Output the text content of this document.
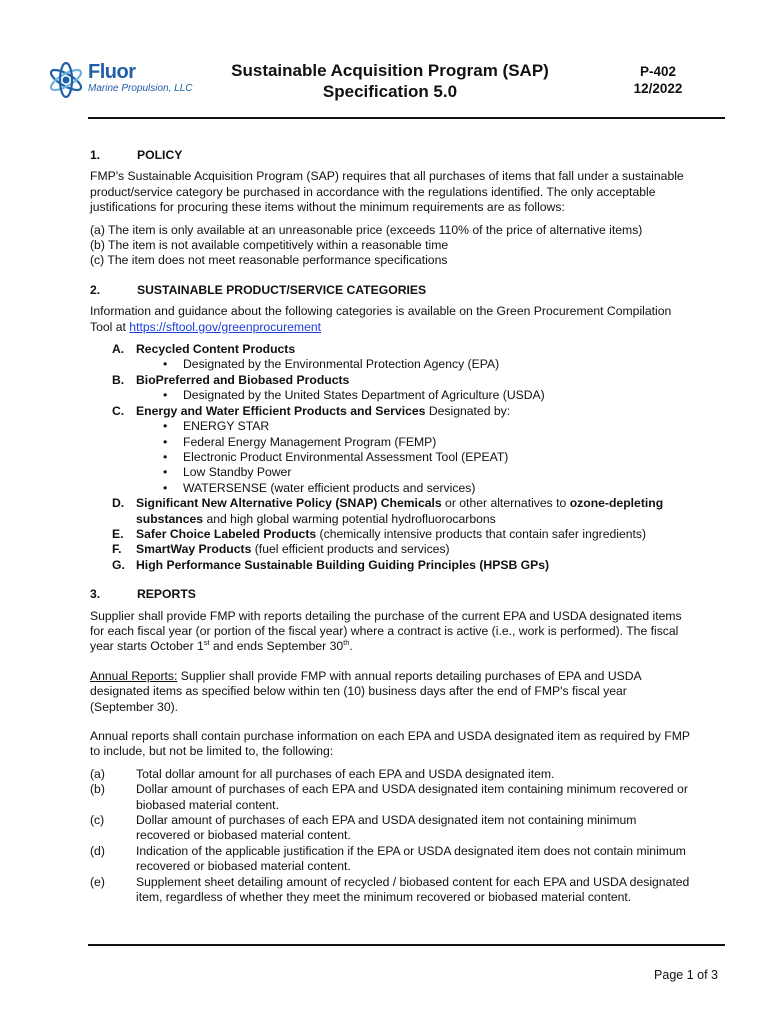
Fluor
Marine Propulsion, LLC
Sustainable Acquisition Program (SAP)
Specification 5.0
P-402
12/2022
1.	POLICY

FMP's Sustainable Acquisition Program (SAP) requires that all purchases of items that fall under a sustainable product/service category be purchased in accordance with the regulations identified. The only acceptable justifications for procuring these items without the minimum requirements are as follows:

(a) The item is only available at an unreasonable price (exceeds 110% of the price of alternative items)

(b) The item is not available competitively within a reasonable time

(c) The item does not meet reasonable performance specifications

2.	SUSTAINABLE PRODUCT/SERVICE CATEGORIES

Information and guidance about the following categories is available on the Green Procurement Compilation Tool at https://sftool.gov/greenprocurement

A. Recycled Content Products
•	Designated by the Environmental Protection Agency (EPA)
B. BioPreferred and Biobased Products
•	Designated by the United States Department of Agriculture (USDA)
C. Energy and Water Efficient Products and Services Designated by:
•	ENERGY STAR
•	Federal Energy Management Program (FEMP)
•	Electronic Product Environmental Assessment Tool (EPEAT)
•	Low Standby Power
•	WATERSENSE (water efficient products and services)
D. Significant New Alternative Policy (SNAP) Chemicals or other alternatives to ozone-depleting substances and high global warming potential hydrofluorocarbons
E.	Safer Choice Labeled Products (chemically intensive products that contain safer ingredients)
F.	SmartWay Products (fuel efficient products and services)
G. High Performance Sustainable Building Guiding Principles (HPSB GPs)
3.	REPORTS

Supplier shall provide FMP with reports detailing the purchase of the current EPA and USDA designated items for each fiscal year (or portion of the fiscal year) where a contract is active (i.e., work is performed). The fiscal year starts October 1st and ends September 30th.

Annual Reports: Supplier shall provide FMP with annual reports detailing purchases of EPA and USDA designated items as specified below within ten (10) business days after the end of FMP's fiscal year (September 30).

Annual reports shall contain purchase information on each EPA and USDA designated item as required by FMP to include, but not be limited to, the following:

(a)	Total dollar amount for all purchases of each EPA and USDA designated item.
(b)	Dollar amount of purchases of each EPA and USDA designated item containing minimum recovered or biobased material content.
(c)	Dollar amount of purchases of each EPA and USDA designated item not containing minimum recovered or biobased material content.
(d)	Indication of the applicable justification if the EPA or USDA designated item does not contain minimum recovered or biobased material content.
(e)	Supplement sheet detailing amount of recycled / biobased content for each EPA and USDA designated item, regardless of whether they meet the minimum recovered or biobased material content.
Page 1 of 3
